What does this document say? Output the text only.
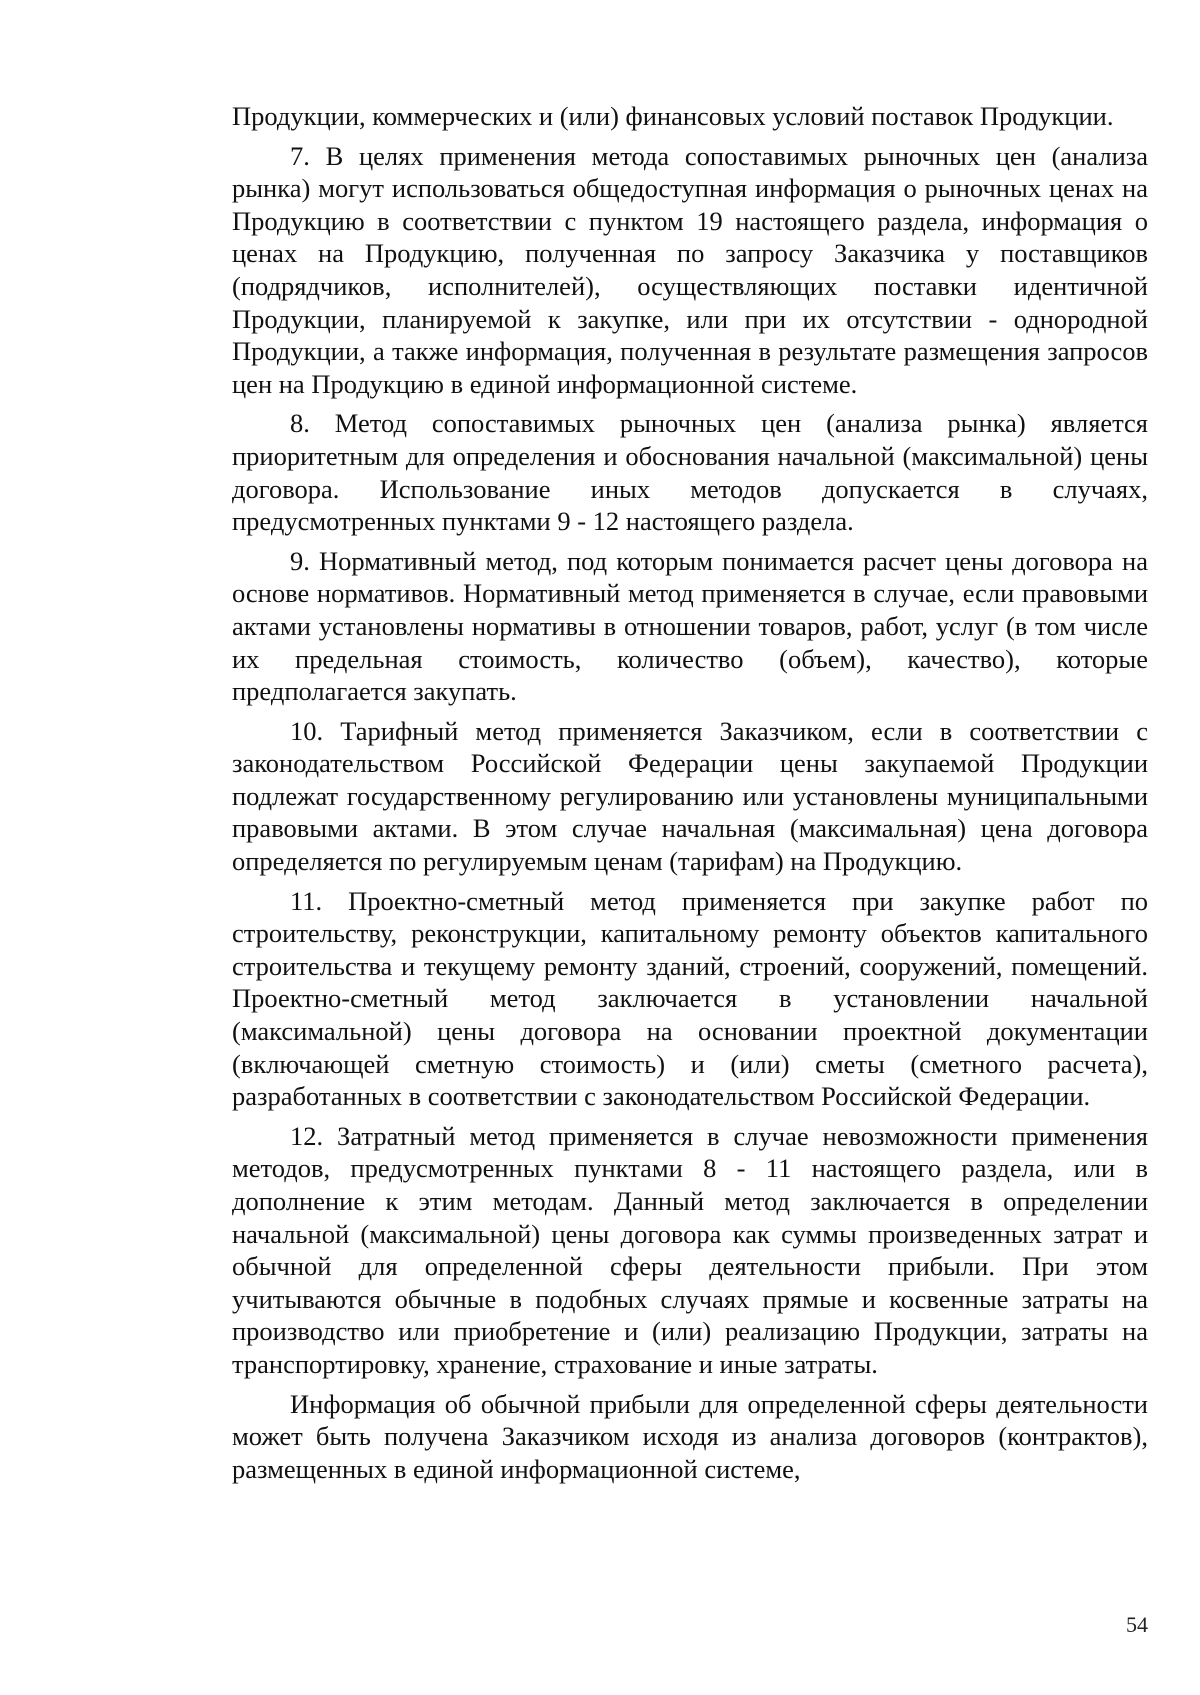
Продукции, коммерческих и (или) финансовых условий поставок Продукции.

7. В целях применения метода сопоставимых рыночных цен (анализа рынка) могут использоваться общедоступная информация о рыночных ценах на Продукцию в соответствии с пунктом 19 настоящего раздела, информация о ценах на Продукцию, полученная по запросу Заказчика у поставщиков (подрядчиков, исполнителей), осуществляющих поставки идентичной Продукции, планируемой к закупке, или при их отсутствии - однородной Продукции, а также информация, полученная в результате размещения запросов цен на Продукцию в единой информационной системе.

8. Метод сопоставимых рыночных цен (анализа рынка) является приоритетным для определения и обоснования начальной (максимальной) цены договора. Использование иных методов допускается в случаях, предусмотренных пунктами 9 - 12 настоящего раздела.

9. Нормативный метод, под которым понимается расчет цены договора на основе нормативов. Нормативный метод применяется в случае, если правовыми актами установлены нормативы в отношении товаров, работ, услуг (в том числе их предельная стоимость, количество (объем), качество), которые предполагается закупать.

10. Тарифный метод применяется Заказчиком, если в соответствии с законодательством Российской Федерации цены закупаемой Продукции подлежат государственному регулированию или установлены муниципальными правовыми актами. В этом случае начальная (максимальная) цена договора определяется по регулируемым ценам (тарифам) на Продукцию.

11. Проектно-сметный метод применяется при закупке работ по строительству, реконструкции, капитальному ремонту объектов капитального строительства и текущему ремонту зданий, строений, сооружений, помещений. Проектно-сметный метод заключается в установлении начальной (максимальной) цены договора на основании проектной документации (включающей сметную стоимость) и (или) сметы (сметного расчета), разработанных в соответствии с законодательством Российской Федерации.

12. Затратный метод применяется в случае невозможности применения методов, предусмотренных пунктами 8 - 11 настоящего раздела, или в дополнение к этим методам. Данный метод заключается в определении начальной (максимальной) цены договора как суммы произведенных затрат и обычной для определенной сферы деятельности прибыли. При этом учитываются обычные в подобных случаях прямые и косвенные затраты на производство или приобретение и (или) реализацию Продукции, затраты на транспортировку, хранение, страхование и иные затраты.

Информация об обычной прибыли для определенной сферы деятельности может быть получена Заказчиком исходя из анализа договоров (контрактов), размещенных в единой информационной системе,

54
